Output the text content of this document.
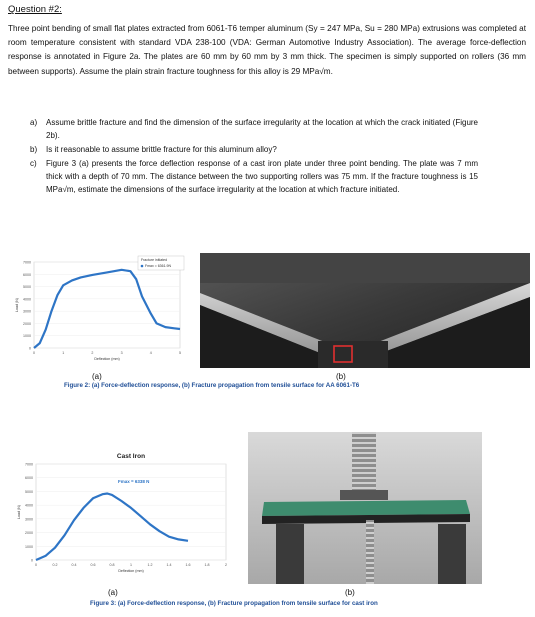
Question #2:
Three point bending of small flat plates extracted from 6061-T6 temper aluminum (Sy = 247 MPa, Su = 280 MPa) extrusions was completed at room temperature consistent with standard VDA 238-100 (VDA: German Automotive Industry Association). The average force-deflection response is annotated in Figure 2a. The plates are 60 mm by 60 mm by 3 mm thick. The specimen is simply supported on rollers (36 mm between supports). Assume the plain strain fracture toughness for this alloy is 29 MPa√m.
a) Assume brittle fracture and find the dimension of the surface irregularity at the location at which the crack initiated (Figure 2b).
b) Is it reasonable to assume brittle fracture for this aluminum alloy?
c) Figure 3 (a) presents the force deflection response of a cast iron plate under three point bending. The plate was 7 mm thick with a depth of 70 mm. The distance between the two supporting rollers was 75 mm. If the fracture toughness is 15 MPa√m, estimate the dimensions of the surface irregularity at the location at which fracture initiated.
0
1000
2000
3000
4000
5000
6000
7000
0	1	2	3	4	5
Deflection (mm)
Load (N)
Fracture initiated
Fmax = 6361.9N
(a)	(b)
Figure 2: (a) Force-deflection response, (b) Fracture propagation from tensile surface for AA 6061-T6
0
1000
2000
3000
4000
5000
6000
7000
0	0.2	0.4	0.6	0.8	1	1.2	1.4	1.6	1.8	2
Deflection (mm)
Load (N)
Cast Iron
Fmax = 6338 N
(a)	(b)
Figure 3: (a) Force-deflection response, (b) Fracture propagation from tensile surface for cast iron
